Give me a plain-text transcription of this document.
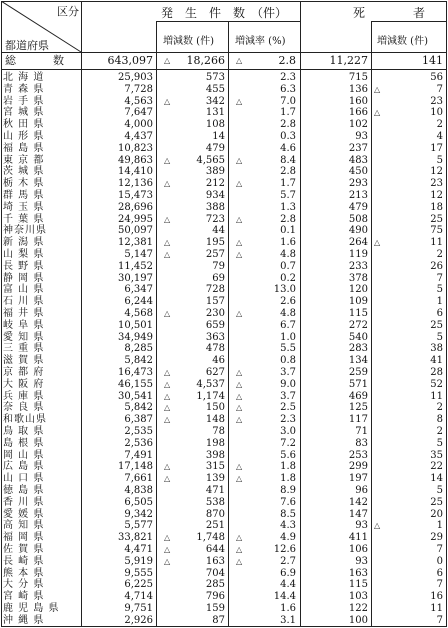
区分
都道府県
発　生　件　数　（件）	死　　　　者
増減数 (件) 増減率 (%)	増減数 (件)
総　　　数	643,097 △	18,266 △	2.8	11,227	141
北 海 道	25,903	573	2.3	715	56
青 森 県	7,728	455	6.3	136 △	7
岩 手 県	4,563 △	342 △	7.0	160	23
宮 城 県	7,647	131	1.7	166 △	10
秋 田 県	4,000	108	2.8	102	2
山 形 県	4,437	14	0.3	93	4
福 島 県	10,823	479	4.6	237	17
東 京 都	49,863 △	4,565 △	8.4	483	5
茨 城 県	14,410	389	2.8	450	12
栃 木 県	12,136 △	212 △	1.7	293	23
群 馬 県	15,473	934	5.7	213	12
埼 玉 県	28,696	388	1.3	479	18
千 葉 県	24,995 △	723 △	2.8	508	25
神奈川県	50,097	44	0.1	490	75
新 潟 県	12,381 △	195 △	1.6	264 △	11
山 梨 県	5,147 △	257 △	4.8	119	2
長 野 県	11,452	79	0.7	233	26
静 岡 県	30,197	69	0.2	378	7
富 山 県	6,347	728	13.0	120	5
石 川 県	6,244	157	2.6	109	1
福 井 県	4,568 △	230 △	4.8	115	6
岐 阜 県	10,501	659	6.7	272	25
愛 知 県	34,949	363	1.0	540	5
三 重 県	8,285	478	5.5	283	38
滋 賀 県	5,842	46	0.8	134	41
京 都 府	16,473 △	627 △	3.7	259	28
大 阪 府	46,155 △	4,537 △	9.0	571	52
兵 庫 県	30,541 △	1,174 △	3.7	469	11
奈 良 県	5,842 △	150 △	2.5	125	2
和歌山県	6,387 △	148 △	2.3	117	8
鳥 取 県	2,535	78	3.0	71	2
島 根 県	2,536	198	7.2	83	5
岡 山 県	7,491	398	5.6	253	35
広 島 県	17,148 △	315 △	1.8	299	22
山 口 県	7,661 △	139 △	1.8	197	14
徳 島 県	4,838	471	8.9	96	5
香 川 県	6,505	538	7.6	142	25
愛 媛 県	9,342	870	8.5	147	20
高 知 県	5,577	251	4.3	93 △	1
福 岡 県	33,821 △	1,748 △	4.9	411	29
佐 賀 県	4,471 △	644 △	12.6	106	7
長 崎 県	5,919 △	163 △	2.7	93	0
熊 本 県	9,555	704	6.9	163	6
大 分 県	6,225	285	4.4	115	7
宮 崎 県	4,714	796	14.4	103	16
鹿 児 島 県	9,751	159	1.6	122	11
沖 縄 県	2,926	87	3.1	100	7
